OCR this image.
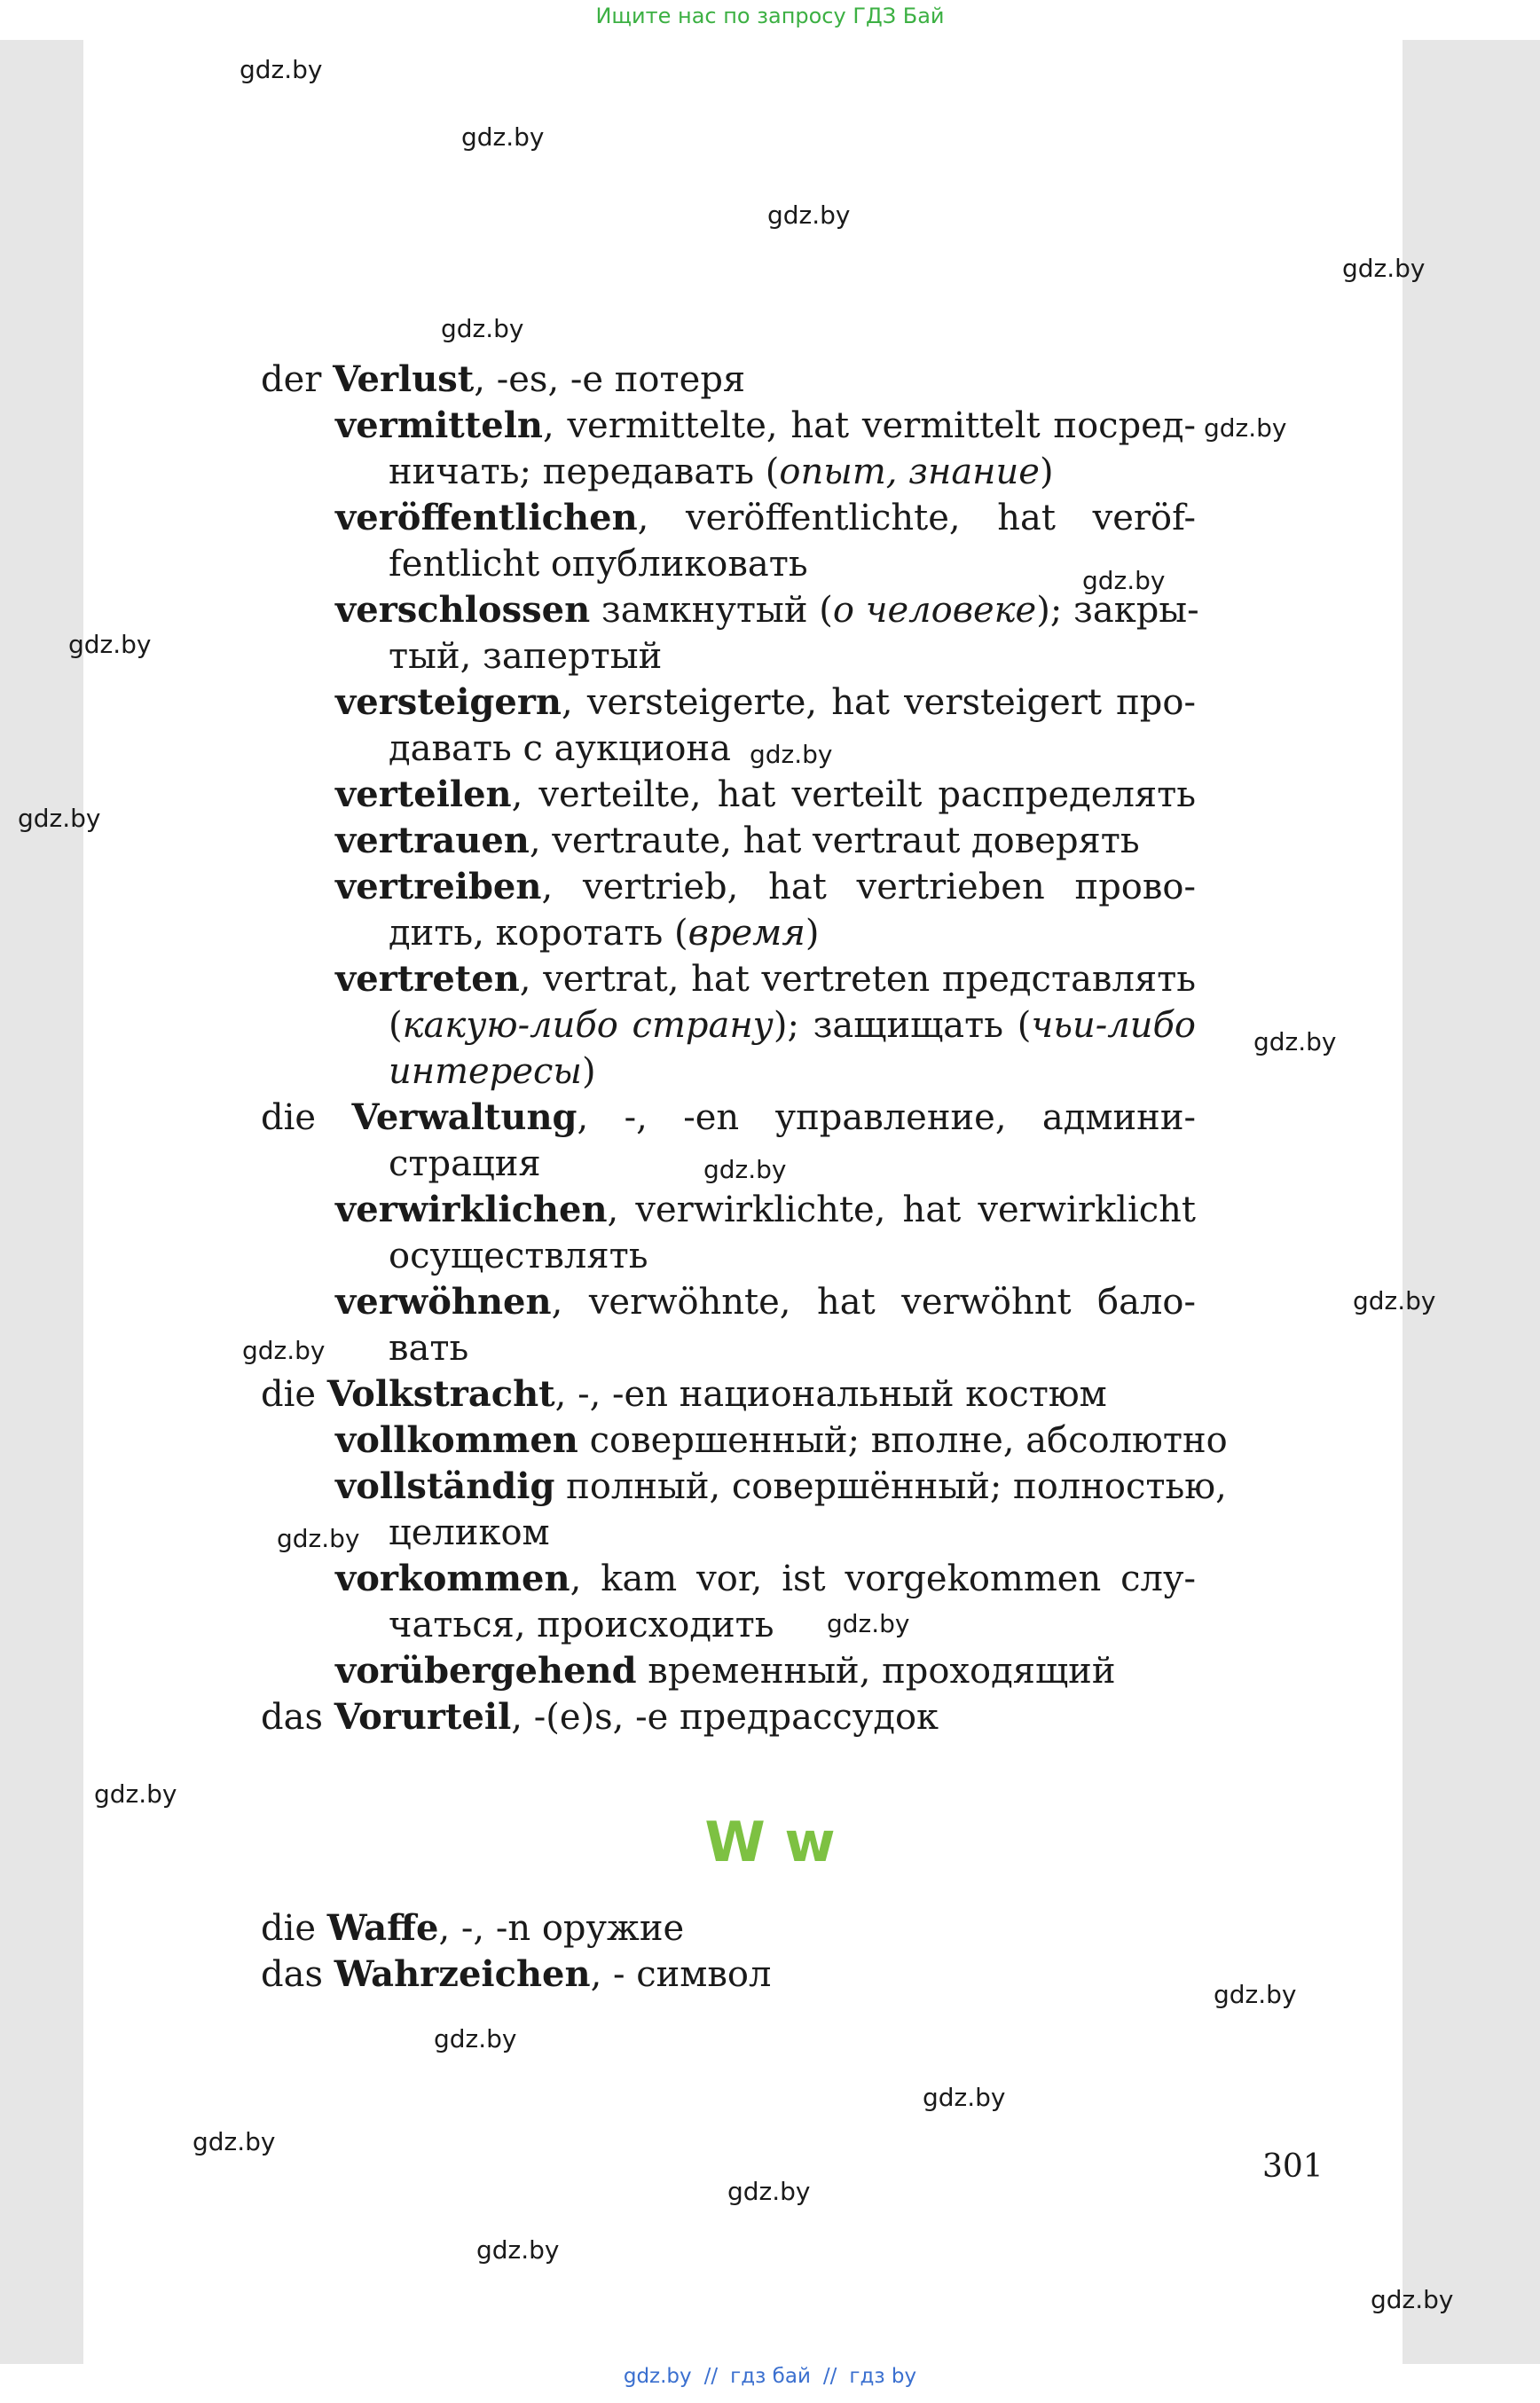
Ищите нас по запросу ГДЗ Бай
gdz.by
gdz.by
gdz.by
gdz.by
gdz.by
gdz.by
gdz.by
gdz.by
gdz.by
gdz.by
gdz.by
gdz.by
gdz.by
gdz.by
gdz.by
gdz.by
gdz.by
gdz.by
gdz.by
gdz.by
gdz.by
gdz.by
gdz.by
gdz.by
der Verlust, -es, -e потеря
vermitteln, vermittelte, hat vermittelt посред-
ничать; передавать (опыт, знание)
veröffentlichen, veröffentlichte, hat veröf-
fentlicht опубликовать
verschlossen замкнутый (о человеке); закры-
тый, запертый
versteigern, versteigerte, hat versteigert про-
давать с аукциона
verteilen, verteilte, hat verteilt распределять
vertrauen, vertraute, hat vertraut доверять
vertreiben, vertrieb, hat vertrieben прово-
дить, коротать (время)
vertreten, vertrat, hat vertreten представлять
(какую-либо страну); защищать (чьи-либо
интересы)
die Verwaltung, -, -en управление, админи-
страция
verwirklichen, verwirklichte, hat verwirklicht
осуществлять
verwöhnen, verwöhnte, hat verwöhnt бало-
вать
die Volkstracht, -, -en национальный костюм
vollkommen совершенный; вполне, абсолютно
vollständig полный, совершённый; полностью,
целиком
vorkommen, kam vor, ist vorgekommen слу-
чаться, происходить
vorübergehend временный, проходящий
das Vorurteil, -(e)s, -e предрассудок
W w
die Waffe, -, -n оружие
das Wahrzeichen, - символ
301
gdz.by // гдз бай // гдз by
